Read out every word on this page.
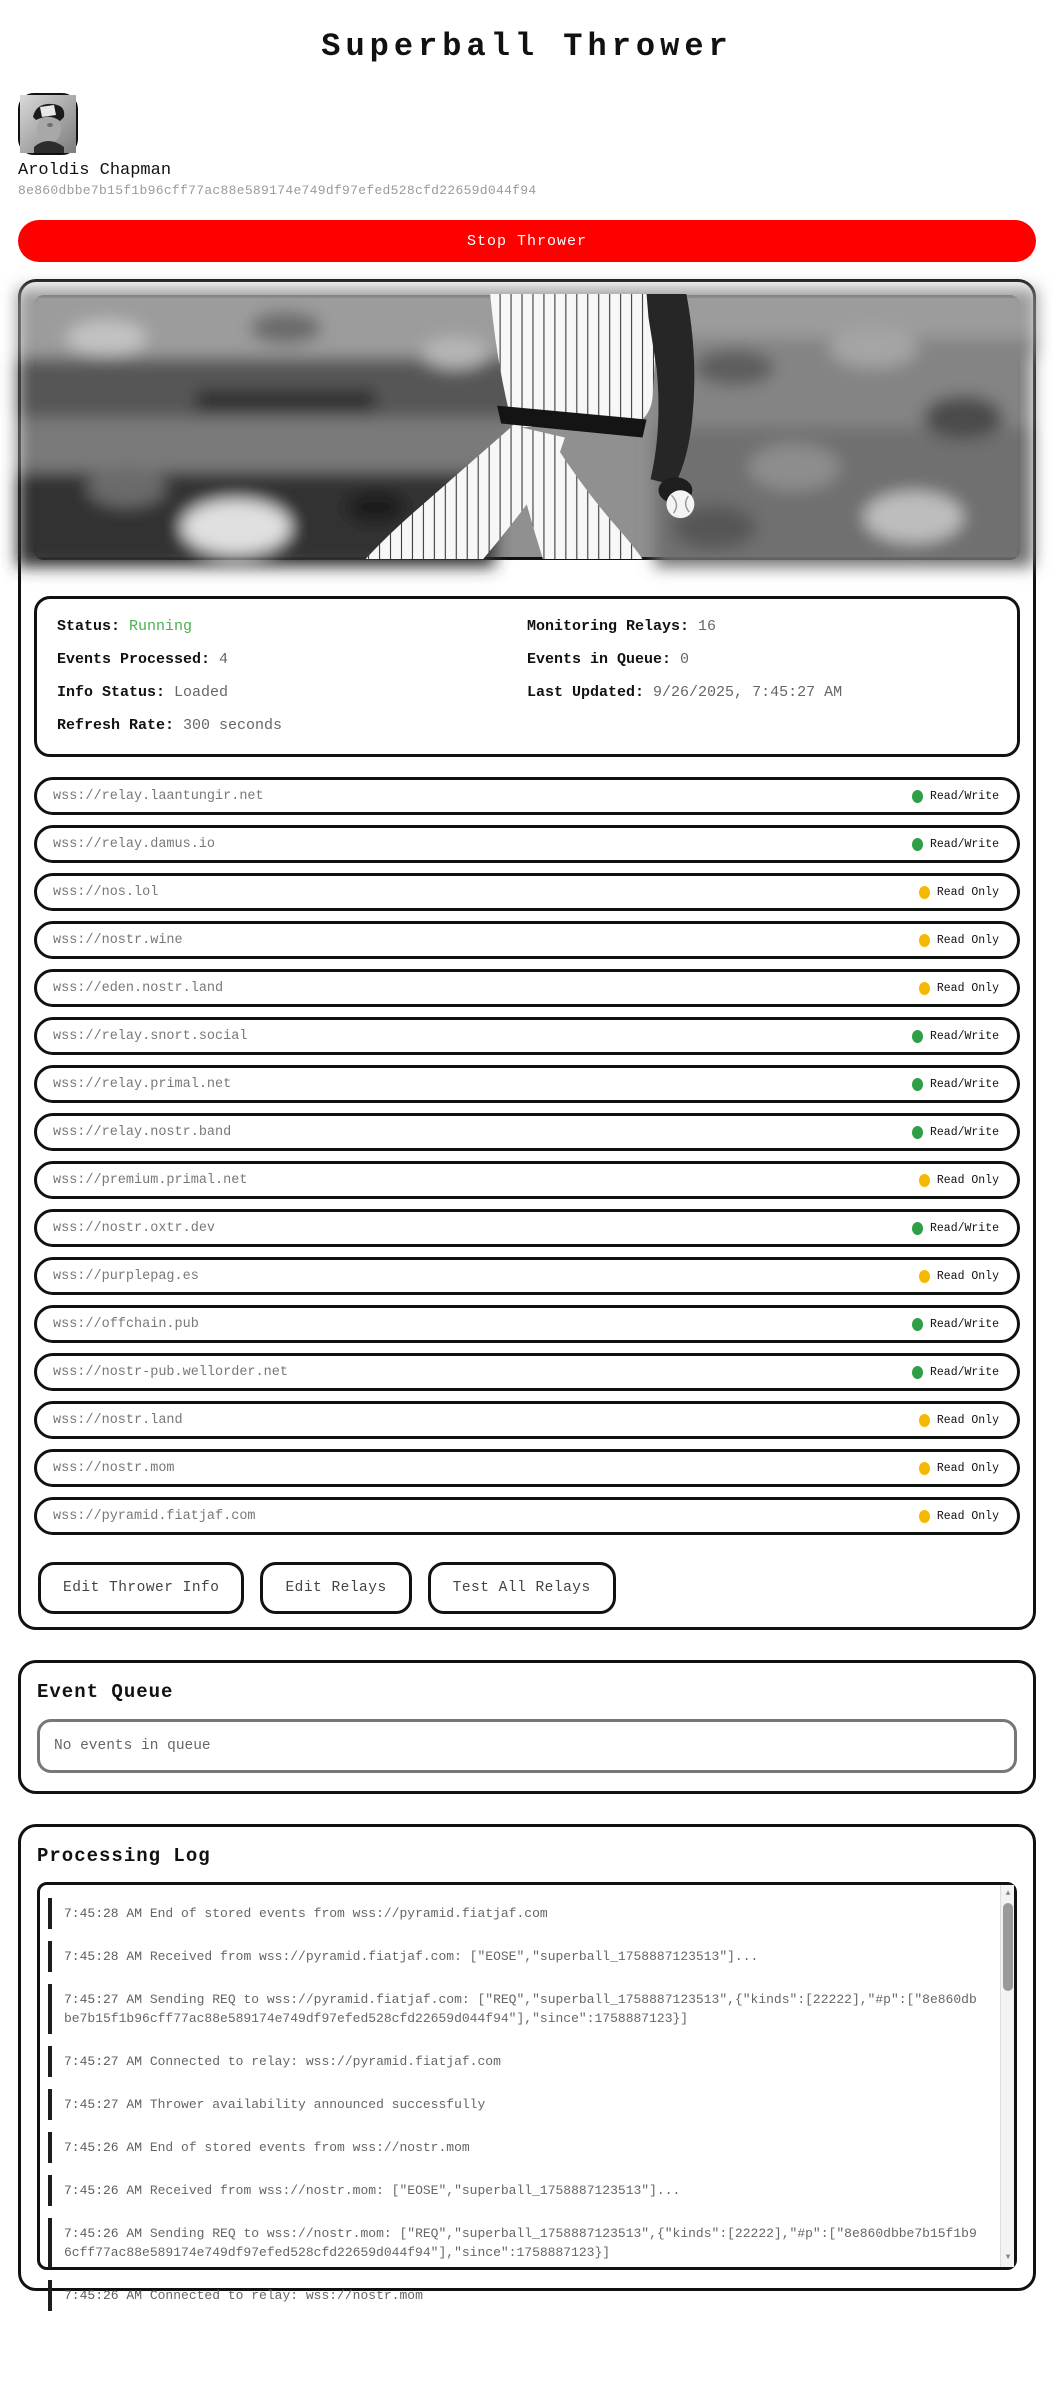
Superball Thrower
Aroldis Chapman
8e860dbbe7b15f1b96cff77ac88e589174e749df97efed528cfd22659d044f94
Stop Thrower
Status: Running
Events Processed: 4
Info Status: Loaded
Refresh Rate: 300 seconds
Monitoring Relays: 16
Events in Queue: 0
Last Updated: 9/26/2025, 7:45:27 AM
wss://relay.laantungir.net	Read/Write
wss://relay.damus.io	Read/Write
wss://nos.lol	Read Only
wss://nostr.wine	Read Only
wss://eden.nostr.land	Read Only
wss://relay.snort.social	Read/Write
wss://relay.primal.net	Read/Write
wss://relay.nostr.band	Read/Write
wss://premium.primal.net	Read Only
wss://nostr.oxtr.dev	Read/Write
wss://purplepag.es	Read Only
wss://offchain.pub	Read/Write
wss://nostr-pub.wellorder.net	Read/Write
wss://nostr.land	Read Only
wss://nostr.mom	Read Only
wss://pyramid.fiatjaf.com	Read Only
Edit Thrower Info	Edit Relays	Test All Relays
Event Queue
No events in queue
Processing Log
7:45:28 AM End of stored events from wss://pyramid.fiatjaf.com
7:45:28 AM Received from wss://pyramid.fiatjaf.com: ["EOSE","superball_1758887123513"]...
7:45:27 AM Sending REQ to wss://pyramid.fiatjaf.com: ["REQ","superball_1758887123513",{"kinds":[22222],"#p":["8e860dbbe7b15f1b96cff77ac88e589174e749df97efed528cfd22659d044f94"],"since":1758887123}]
7:45:27 AM Connected to relay: wss://pyramid.fiatjaf.com
7:45:27 AM Thrower availability announced successfully
7:45:26 AM End of stored events from wss://nostr.mom
7:45:26 AM Received from wss://nostr.mom: ["EOSE","superball_1758887123513"]...
7:45:26 AM Sending REQ to wss://nostr.mom: ["REQ","superball_1758887123513",{"kinds":[22222],"#p":["8e860dbbe7b15f1b96cff77ac88e589174e749df97efed528cfd22659d044f94"],"since":1758887123}]
7:45:26 AM Connected to relay: wss://nostr.mom
▲
▼
